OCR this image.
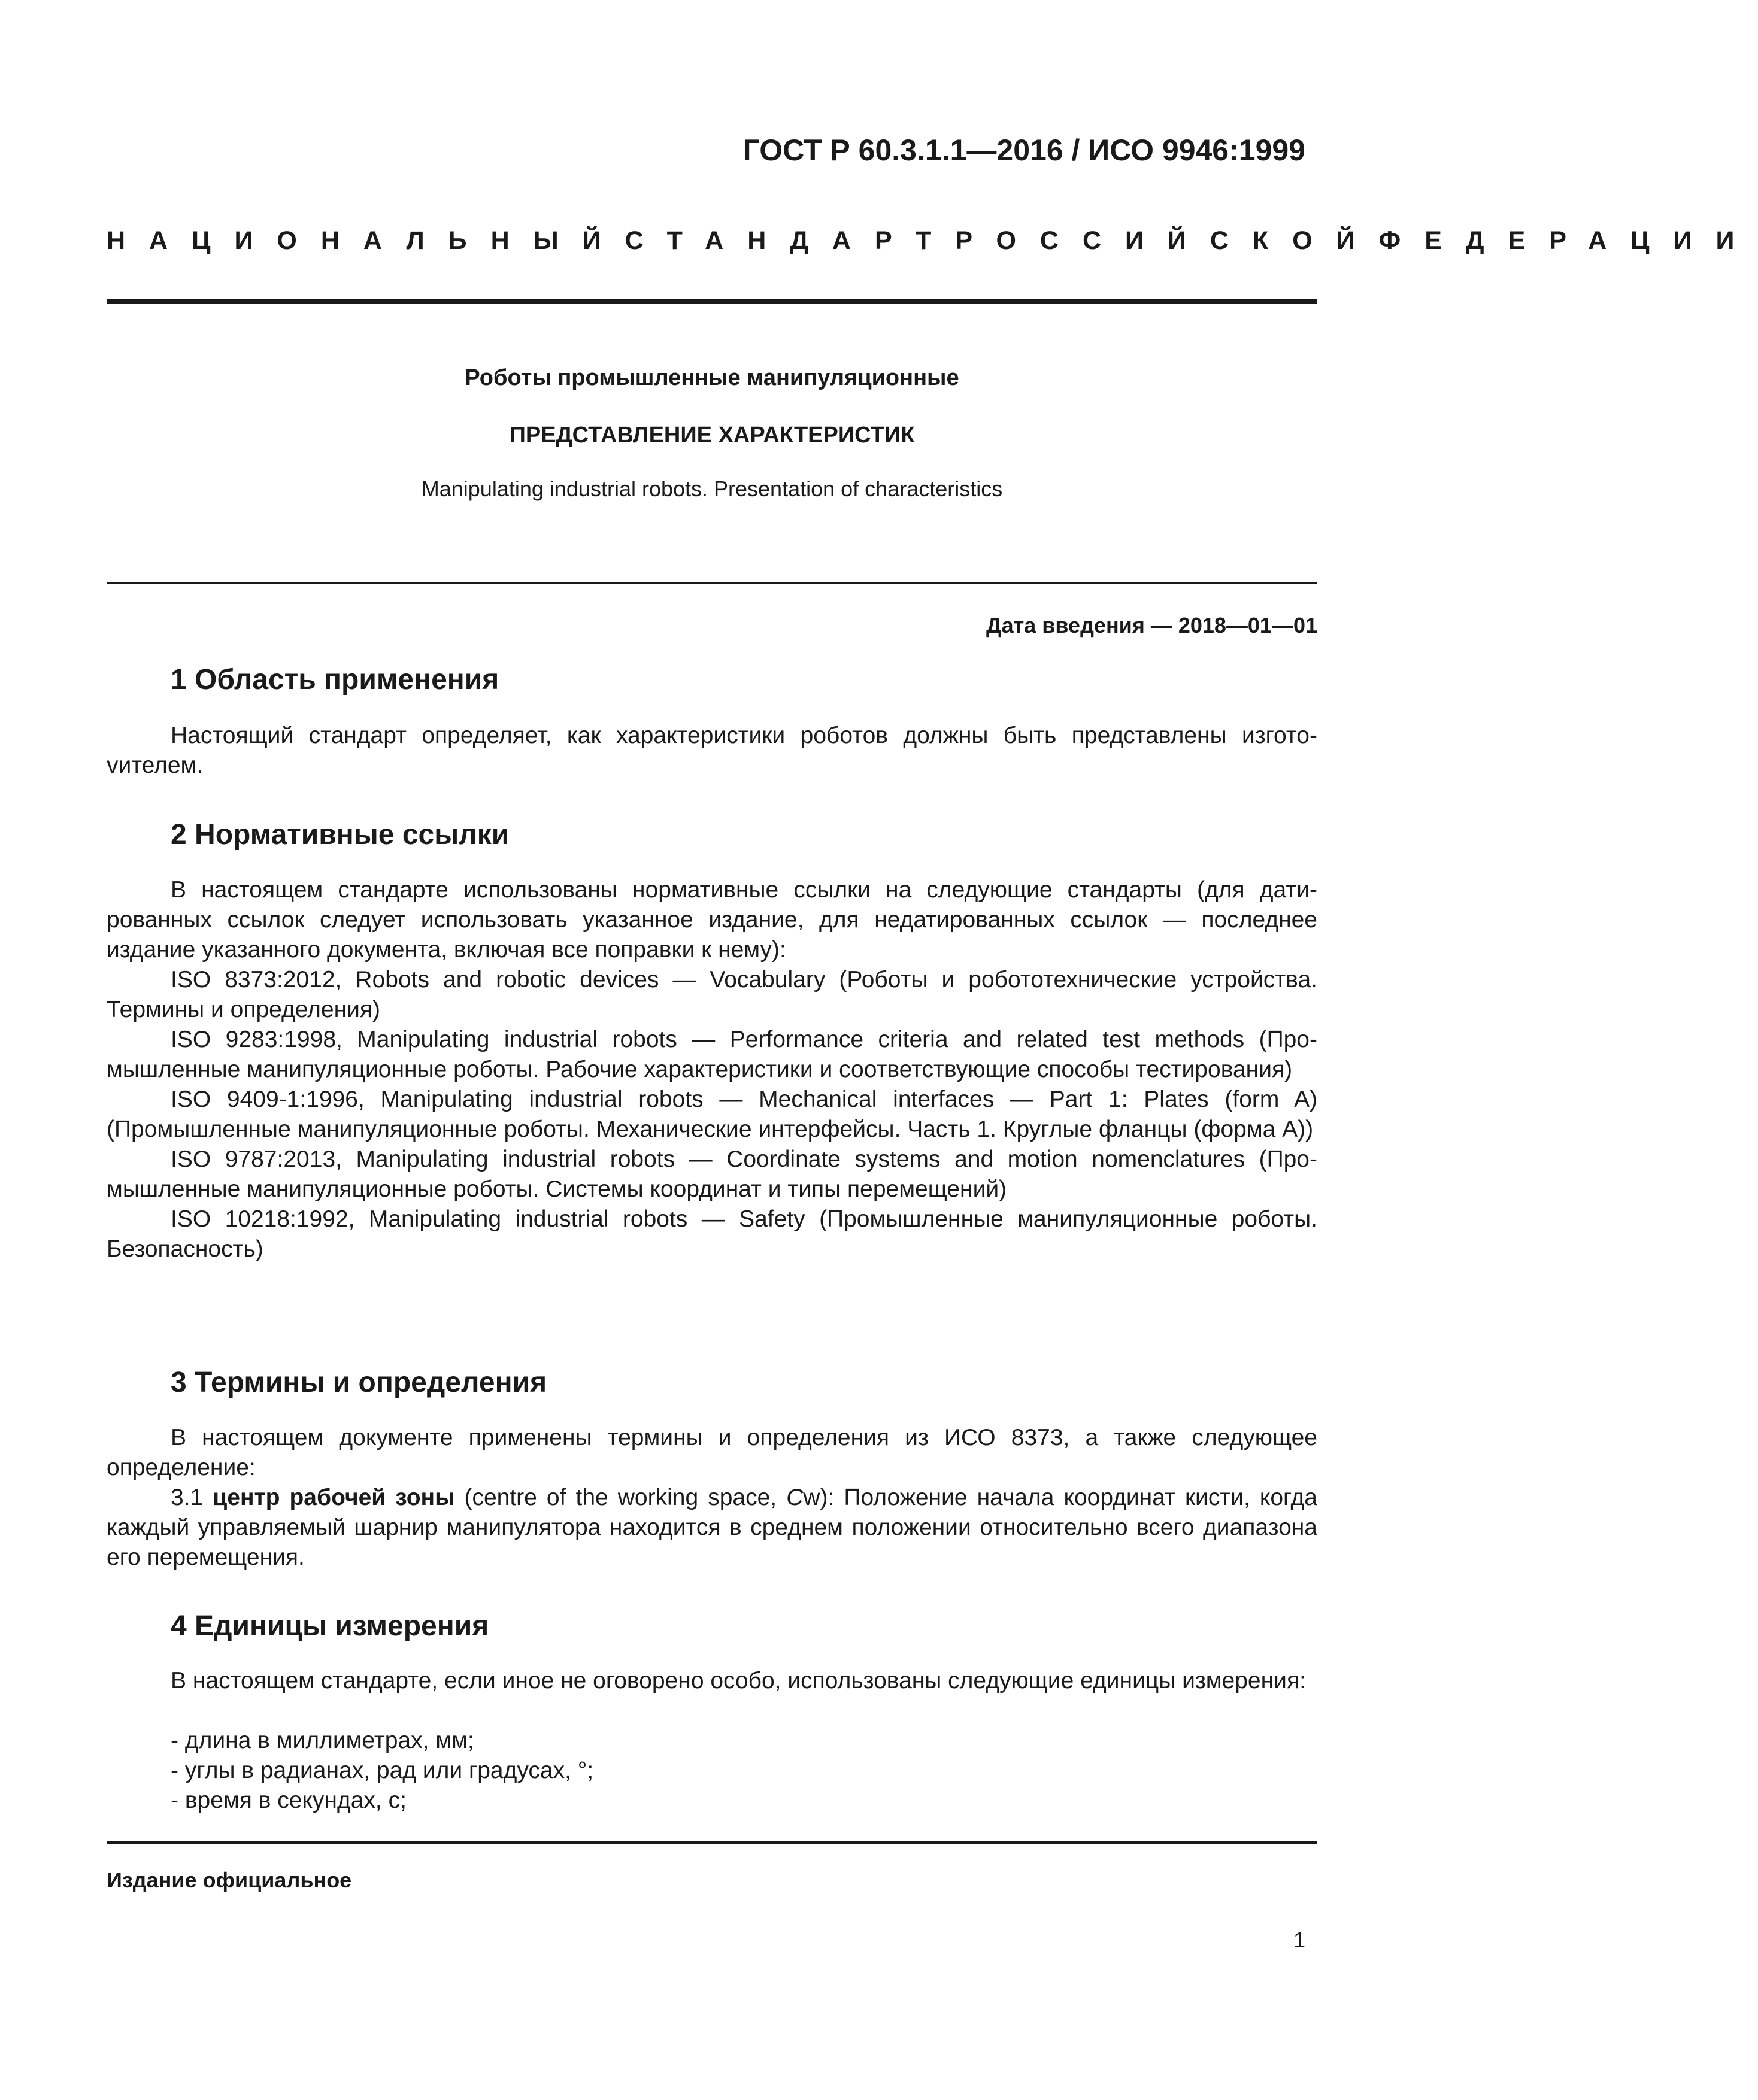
ГОСТ Р 60.3.1.1—2016 / ИСО 9946:1999
НАЦИОНАЛЬНЫЙ СТАНДАРТ РОССИЙСКОЙ ФЕДЕРАЦИИ
Роботы промышленные манипуляционные
ПРЕДСТАВЛЕНИЕ ХАРАКТЕРИСТИК
Manipulating industrial robots. Presentation of characteristics
Дата введения — 2018—01—01
1 Область применения

Настоящий стандарт определяет, как характеристики роботов должны быть представлены изготоvителем.

2 Нормативные ссылки

В настоящем стандарте использованы нормативные ссылки на следующие стандарты (для датированных ссылок следует использовать указанное издание, для недатированных ссылок — последнее издание указанного документа, включая все поправки к нему):

ISO 8373:2012, Robots and robotic devices — Vocabulary (Роботы и робототехнические устройства. Термины и определения)

ISO 9283:1998, Manipulating industrial robots — Performance criteria and related test methods (Промышленные манипуляционные роботы. Рабочие характеристики и соответствующие способы тестирования)

ISO 9409-1:1996, Manipulating industrial robots — Mechanical interfaces — Part 1: Plates (form A) (Промышленные манипуляционные роботы. Механические интерфейсы. Часть 1. Круглые фланцы (форма А))

ISO 9787:2013, Manipulating industrial robots — Coordinate systems and motion nomenclatures (Промышленные манипуляционные роботы. Системы координат и типы перемещений)

ISO 10218:1992, Manipulating industrial robots — Safety (Промышленные манипуляционные роботы. Безопасность)

3 Термины и определения

В настоящем документе применены термины и определения из ИСО 8373, а также следующее определение:

3.1 центр рабочей зоны (centre of the working space, Cw): Положение начала координат кисти, когда каждый управляемый шарнир манипулятора находится в среднем положении относительно всего диапазона его перемещения.

4 Единицы измерения

В настоящем стандарте, если иное не оговорено особо, использованы следующие единицы измерения:

- длина в миллиметрах, мм;
- углы в радианах, рад или градусах, °;
- время в секундах, с;
Издание официальное
1
